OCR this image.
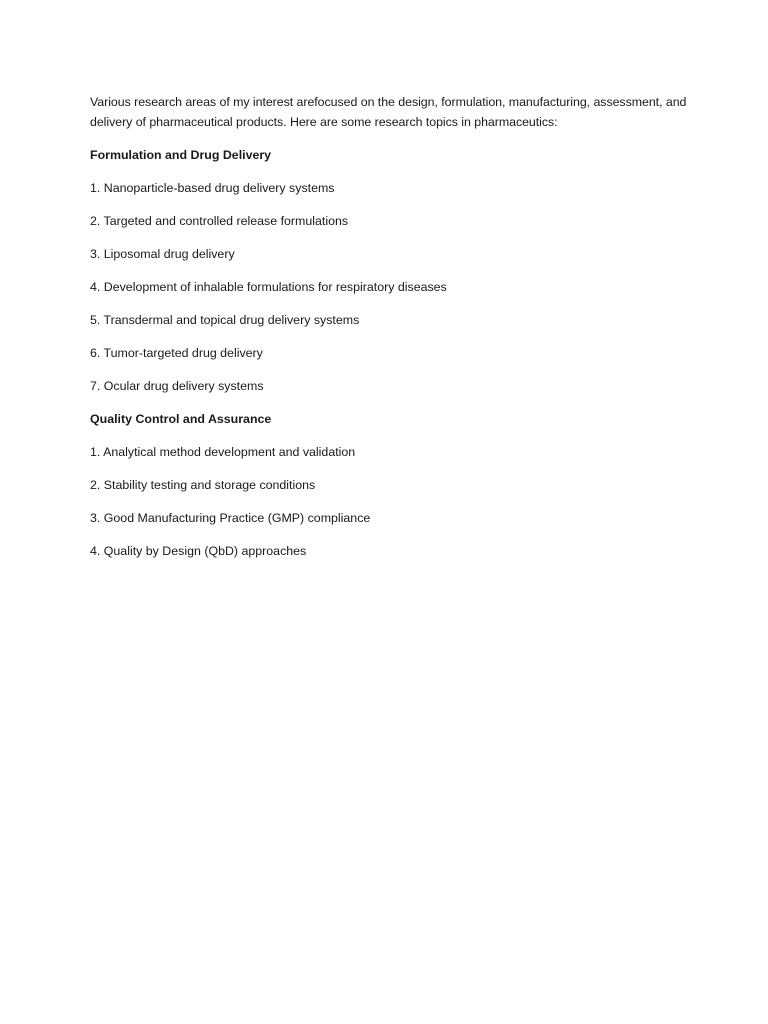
Various research areas of my interest arefocused on the design, formulation, manufacturing, assessment, and delivery of pharmaceutical products. Here are some research topics in pharmaceutics:

Formulation and Drug Delivery

1. Nanoparticle-based drug delivery systems

2. Targeted and controlled release formulations

3. Liposomal drug delivery

4. Development of inhalable formulations for respiratory diseases

5. Transdermal and topical drug delivery systems

6. Tumor-targeted drug delivery

7. Ocular drug delivery systems

Quality Control and Assurance

1. Analytical method development and validation

2. Stability testing and storage conditions

3. Good Manufacturing Practice (GMP) compliance

4. Quality by Design (QbD) approaches
